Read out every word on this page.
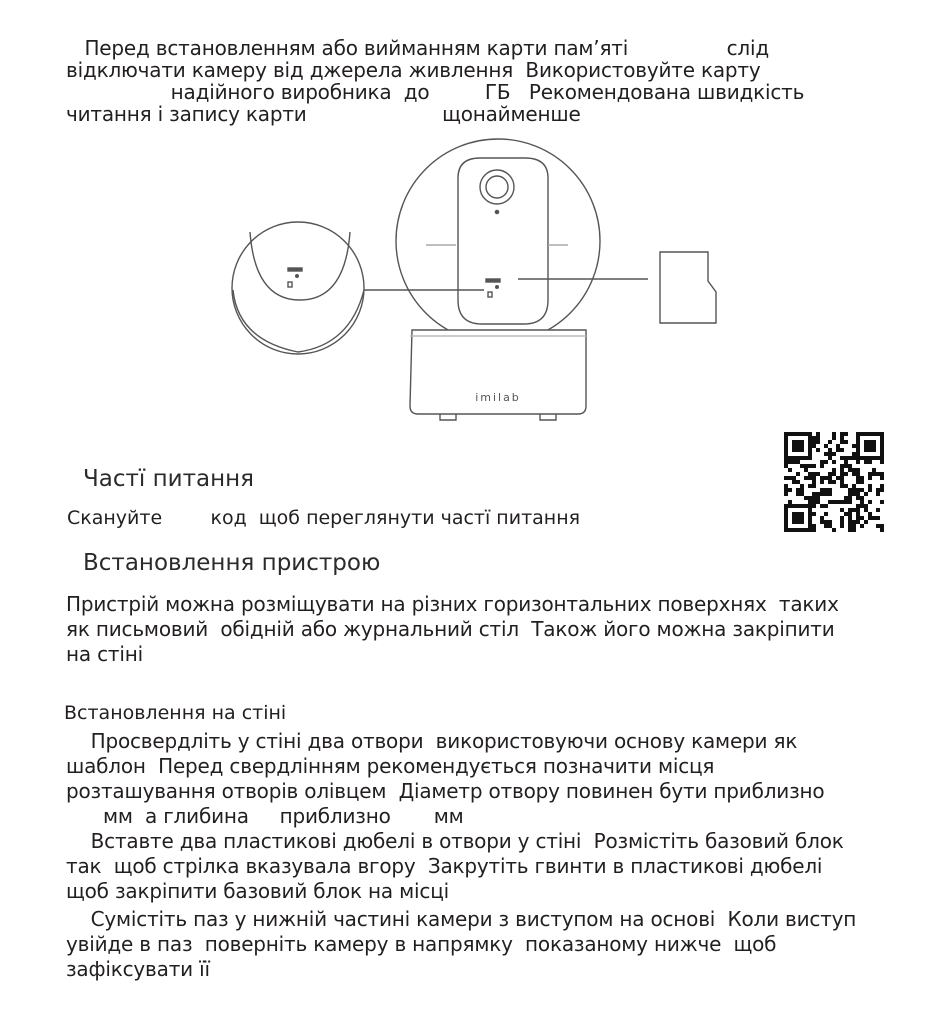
Перед встановленням або вийманням карти пам’яті                слід
відключати камеру від джерела живлення  Використовуйте карту
надійного виробника  до         ГБ   Рекомендована швидкість
читання і запису карти                      щонайменше
imilab
Частї питання
Скануйте        код  щоб переглянути частї питання
Встановлення пристрою
Пристрій можна розміщувати на різних горизонтальних поверхнях  таких
як письмовий  обідній або журнальний стіл  Також його можна закріпити
на стіні
Встановлення на стіні
Просвердліть у стіні два отвори  використовуючи основу камери як
шаблон  Перед свердлінням рекомендується позначити місця
розташування отворів олівцем  Діаметр отвору повинен бути приблизно
мм  а глибина     приблизно       мм
Вставте два пластикові дюбелі в отвори у стіні  Розмістіть базовий блок
так  щоб стрілка вказувала вгору  Закрутіть гвинти в пластикові дюбелі
щоб закріпити базовий блок на місці
Сумістіть паз у нижній частині камери з виступом на основі  Коли виступ
увійде в паз  поверніть камеру в напрямку  показаному нижче  щоб
зафіксувати її
